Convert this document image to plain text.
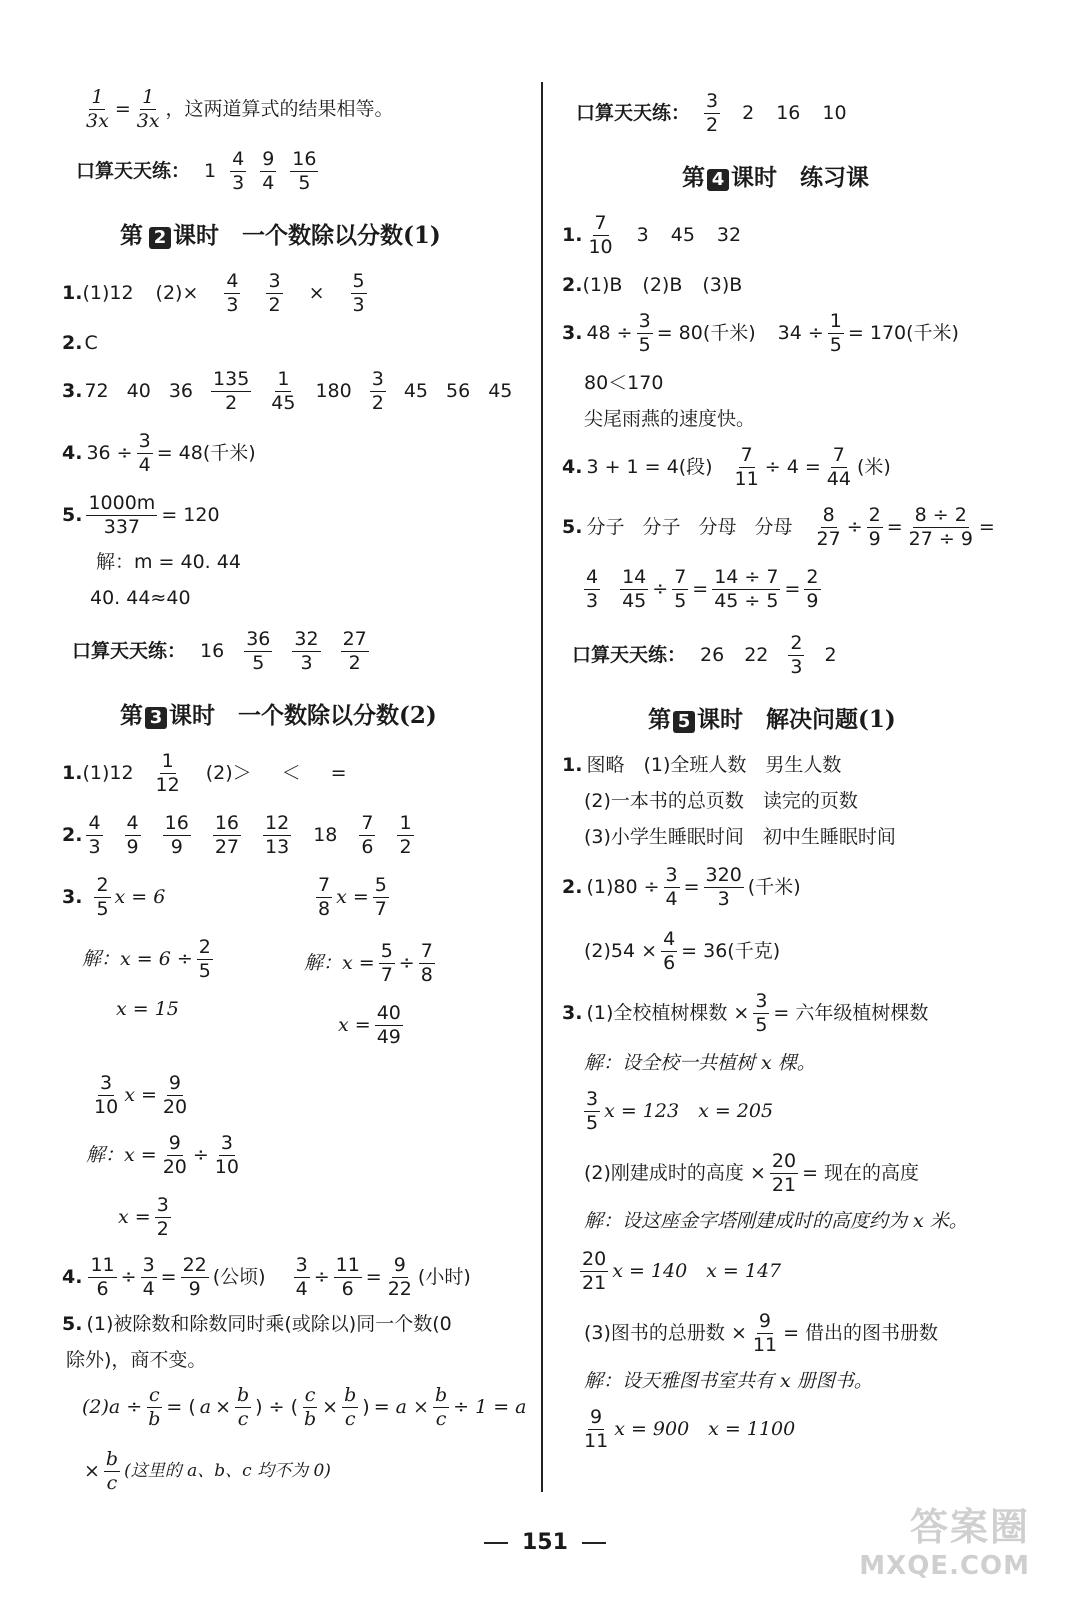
$\frac{1}{3x} = \frac{1}{3x}$ ，这两道算式的结果相等。
口算天天练： 1
4
3
9
4
16
5
第 2 课时　一个数除以分数(1)
1. (1)12 $(2)\times \frac{4}{3} \frac{3}{2} \times \frac{5}{3}$
2. C
3. 72 40 36
135
2
1
45
180
3
2
45 56 45
4. $36 \div \frac{3}{4} = 48$(千米)
5. $\frac{1000m}{337} = 120$
解：m = 40. 44
40. 44≈40
口算天天练： 16
36
5
32
3
27
2
第 3 课时　一个数除以分数(2)
1. (1)12
1
12
(2)＞ ＜ =
2.
4
3
4
9
16
9
16
27
12
13
18
7
6
1
2
3.
2
5
x = 6
解：$x = 6 \div \frac{2}{5}$
x = 15
7
8
$x = \frac{5}{7}$
解：$x = \frac{5}{7} \div \frac{7}{8}$
$x = \frac{40}{49}$
3
10
$x = \frac{9}{20}$
解：$x = \frac{9}{20} \div \frac{3}{10}$
$x = \frac{3}{2}$
4. $\frac{11}{6} \div \frac{3}{4} = \frac{22}{9}$ (公顷) $\frac{3}{4} \div \frac{11}{6} = \frac{9}{22}$ (小时)
5. (1)被除数和除数同时乘(或除以)同一个数(0
除外)，商不变。
$(2)a \div \frac{c}{b}$ = ( $a \times \frac{b}{c}$ ) ÷ ( $\frac{c}{b} \times \frac{b}{c}$ ) = $a \times \frac{b}{c} \div 1 = a$
× $\frac{b}{c}$ (这里的 a、b、c 均不为 0)
口算天天练：
3
2
2 16 10
第 4 课时　练习课
1.
7
10
3 45 32
2. (1)B (2)B (3)B
3. $48 \div \frac{3}{5} = 80$(千米) $34 \div \frac{1}{5} = 170$(千米)
80＜170
尖尾雨燕的速度快。
4. 3 + 1 = 4(段) $\frac{7}{11} \div 4 = \frac{7}{44}$ (米)
5. 分子 分子 分母 分母 $\frac{8}{27} \div \frac{2}{9} = \frac{8 \div 2}{27 \div 9}$ =
4
$3 \frac{14}{45} \div \frac{7}{5} = \frac{14 \div 7}{45 \div 5} = \frac{2}{9}$
口算天天练： 26 22
2
3
2
第 5 课时　解决问题(1)
1. 图略　(1)全班人数　男生人数
(2)一本书的总页数　读完的页数
(3)小学生睡眠时间　初中生睡眠时间
2. $(1)80 \div \frac{3}{4} = \frac{320}{3}$ (千米)
$(2)54 \times \frac{4}{6} = 36$(千克)
3. (1)全校植树棵数 × $\frac{3}{5}$ = 六年级植树棵数
解：设全校一共植树 x 棵。
3
5
x = 123　x = 205
(2)刚建成时的高度 × $\frac{20}{21}$ = 现在的高度
解：设这座金字塔刚建成时的高度约为 x 米。
20
21
x = 140　x = 147
(3)图书的总册数 × $\frac{9}{11}$ = 借出的图书册数
解：设天雅图书室共有 x 册图书。
9
11
x = 900　x = 1100
151	答案圈
MXQE.COM
